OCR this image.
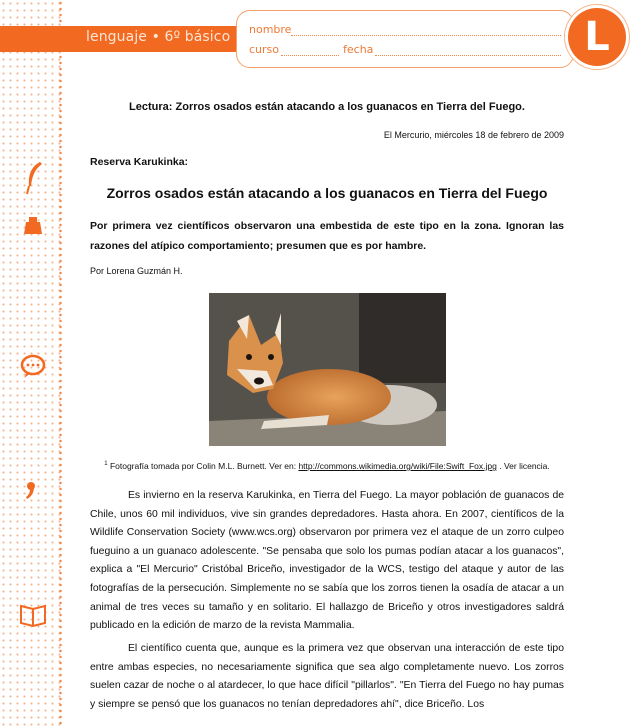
lenguaje • 6º básico nombre
curso	fecha	L
Lectura: Zorros osados están atacando a los guanacos en Tierra del Fuego.
El Mercurio, miércoles 18 de febrero de 2009
Reserva Karukinka:
Zorros osados están atacando a los guanacos en Tierra del Fuego
Por primera vez científicos observaron una embestida de este tipo en la zona. Ignoran las razones del atípico comportamiento; presumen que es por hambre.
Por Lorena Guzmán H.
$^1$ Fotografía tomada por Colin M.L. Burnett. Ver en: http://commons.wikimedia.org/wiki/File:Swift_Fox.jpg . Ver licencia.
Es invierno en la reserva Karukinka, en Tierra del Fuego. La mayor población de guanacos de Chile, unos 60 mil individuos, vive sin grandes depredadores. Hasta ahora. En 2007, científicos de la Wildlife Conservation Society (www.wcs.org) observaron por primera vez el ataque de un zorro culpeo fueguino a un guanaco adolescente. "Se pensaba que solo los pumas podían atacar a los guanacos", explica a "El Mercurio" Cristóbal Briceño, investigador de la WCS, testigo del ataque y autor de las fotografías de la persecución. Simplemente no se sabía que los zorros tienen la osadía de atacar a un animal de tres veces su tamaño y en solitario. El hallazgo de Briceño y otros investigadores saldrá publicado en la edición de marzo de la revista Mammalia.
El científico cuenta que, aunque es la primera vez que observan una interacción de este tipo entre ambas especies, no necesariamente significa que sea algo completamente nuevo. Los zorros suelen cazar de noche o al atardecer, lo que hace difícil "pillarlos". "En Tierra del Fuego no hay pumas y siempre se pensó que los guanacos no tenían depredadores ahí", dice Briceño. Los
